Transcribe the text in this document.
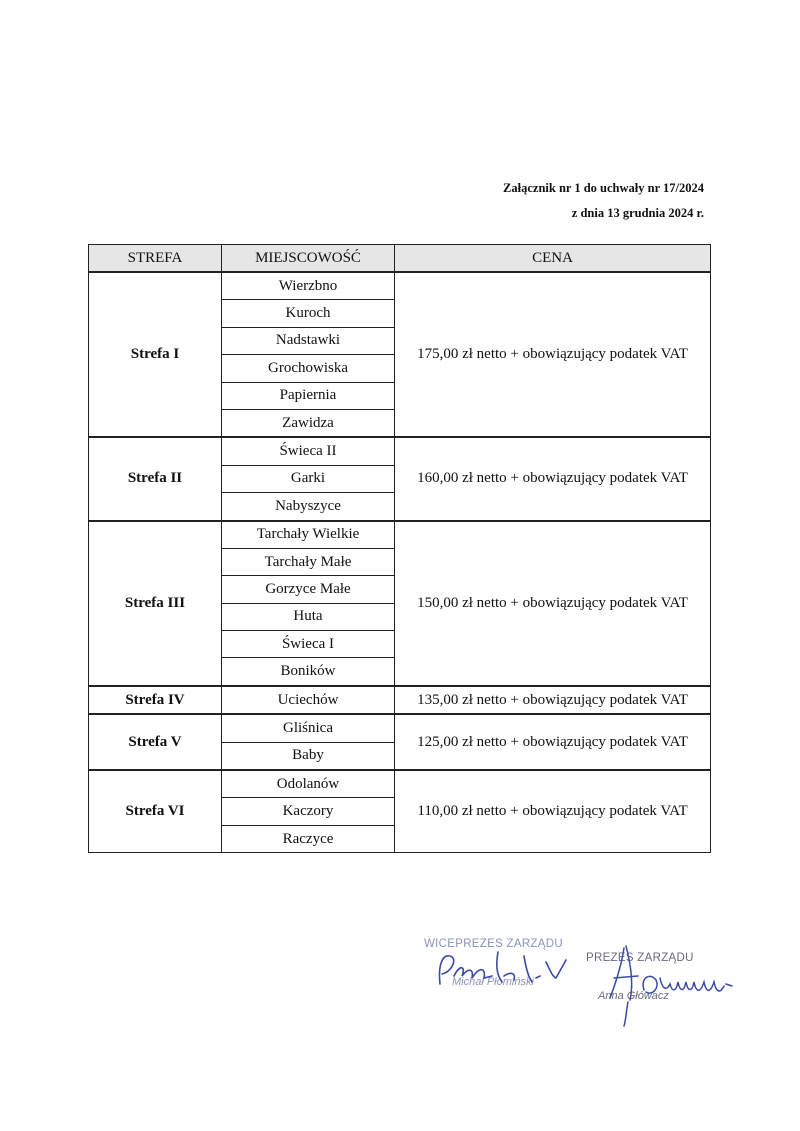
Załącznik nr 1 do uchwały nr 17/2024
z dnia 13 grudnia 2024 r.
STREFA	MIEJSCOWOŚĆ	CENA
Strefa I	Wierzbno	175,00 zł netto + obowiązujący podatek VAT
	Kuroch	
	Nadstawki	
	Grochowiska	
	Papiernia	
	Zawidza	
Strefa II	Świeca II	160,00 zł netto + obowiązujący podatek VAT
	Garki	
	Nabyszyce	
Strefa III	Tarchały Wielkie	150,00 zł netto + obowiązujący podatek VAT
	Tarchały Małe	
	Gorzyce Małe	
	Huta	
	Świeca I	
	Boników	
Strefa IV	Uciechów	135,00 zł netto + obowiązujący podatek VAT
Strefa V	Gliśnica	125,00 zł netto + obowiązujący podatek VAT
	Baby	
Strefa VI	Odolanów	110,00 zł netto + obowiązujący podatek VAT
	Kaczory	
	Raczyce	
WICEPREZES ZARZĄDU
Michał Płomiński
PREZES ZARZĄDU
Anna Główacz
